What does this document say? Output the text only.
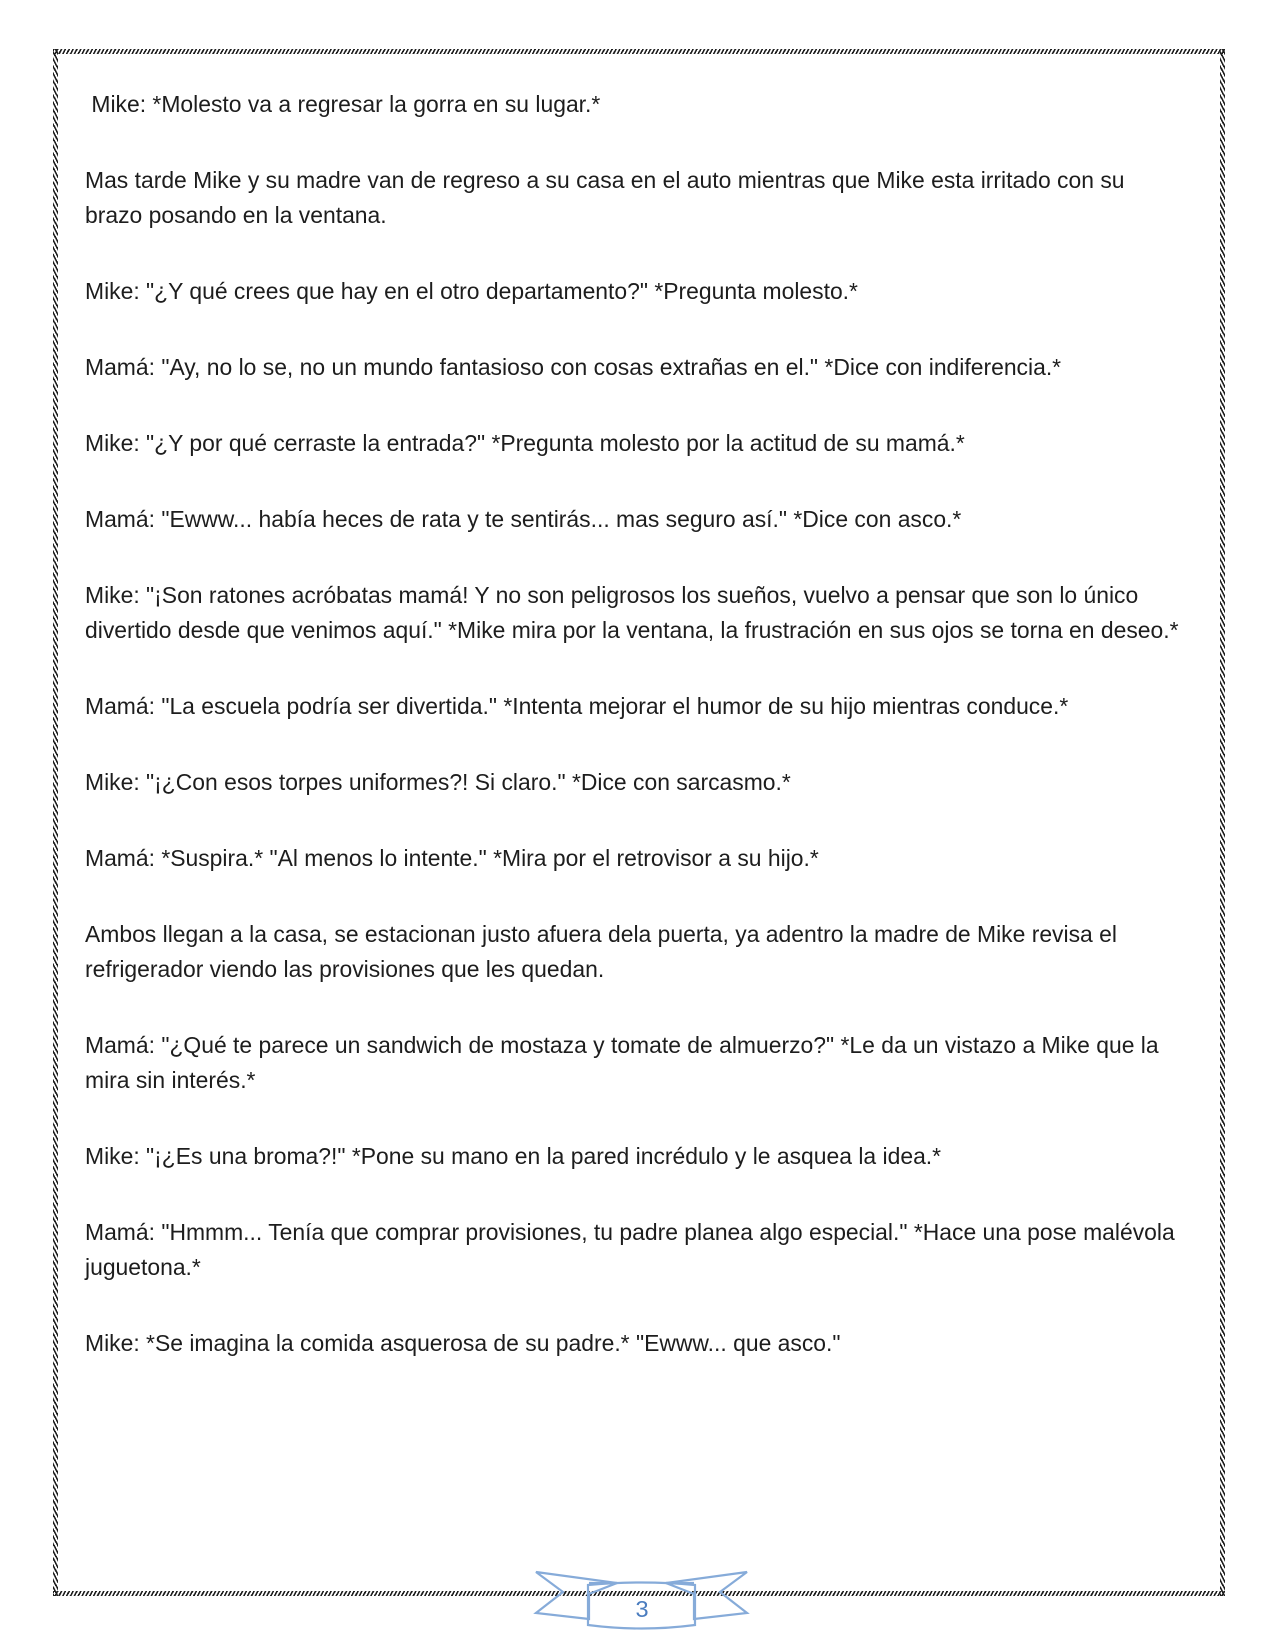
Mike: *Molesto va a regresar la gorra en su lugar.*

Mas tarde Mike y su madre van de regreso a su casa en el auto mientras que Mike esta irritado con su brazo posando en la ventana.

Mike: "¿Y qué crees que hay en el otro departamento?" *Pregunta molesto.*

Mamá: "Ay, no lo se, no un mundo fantasioso con cosas extrañas en el." *Dice con indiferencia.*

Mike: "¿Y por qué cerraste la entrada?" *Pregunta molesto por la actitud de su mamá.*

Mamá: "Ewww... había heces de rata y te sentirás... mas seguro así." *Dice con asco.*

Mike: "¡Son ratones acróbatas mamá! Y no son peligrosos los sueños, vuelvo a pensar que son lo único divertido desde que venimos aquí." *Mike mira por la ventana, la frustración en sus ojos se torna en deseo.*

Mamá: "La escuela podría ser divertida." *Intenta mejorar el humor de su hijo mientras conduce.*

Mike: "¡¿Con esos torpes uniformes?! Si claro." *Dice con sarcasmo.*

Mamá: *Suspira.* "Al menos lo intente." *Mira por el retrovisor a su hijo.*

Ambos llegan a la casa, se estacionan justo afuera dela puerta, ya adentro la madre de Mike revisa el refrigerador viendo las provisiones que les quedan.

Mamá: "¿Qué te parece un sandwich de mostaza y tomate de almuerzo?" *Le da un vistazo a Mike que la mira sin interés.*

Mike: "¡¿Es una broma?!" *Pone su mano en la pared incrédulo y le asquea la idea.*

Mamá: "Hmmm... Tenía que comprar provisiones, tu padre planea algo especial." *Hace una pose malévola juguetona.*

Mike: *Se imagina la comida asquerosa de su padre.* "Ewww... que asco."

3
